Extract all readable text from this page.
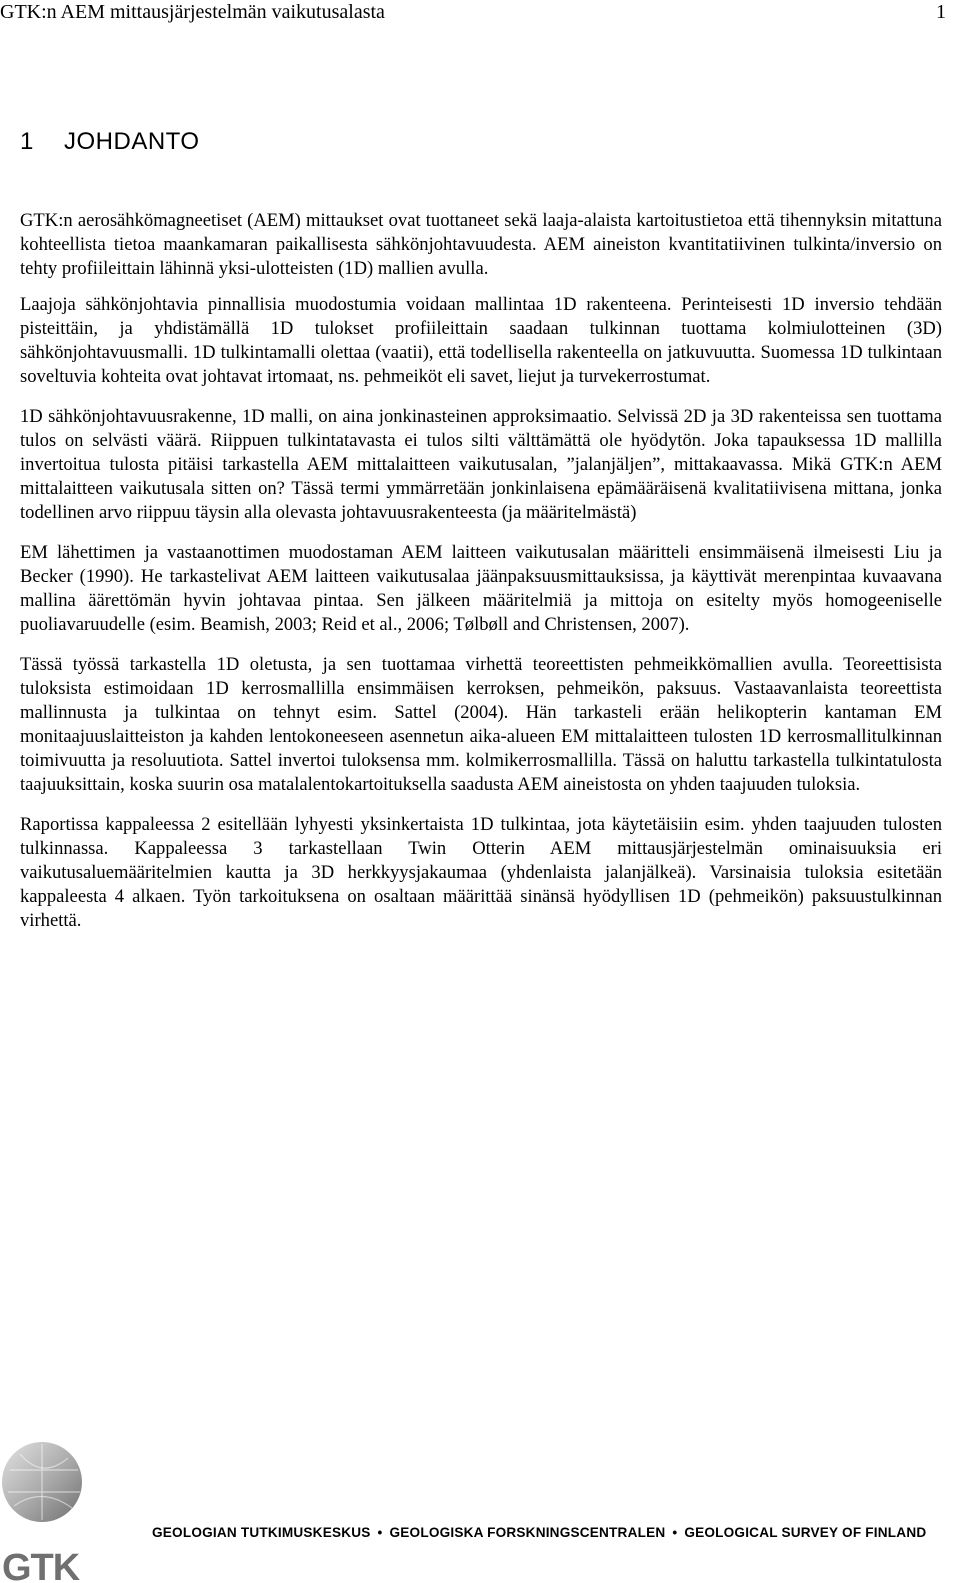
GTK:n AEM mittausjärjestelmän vaikutusalasta	1
1 JOHDANTO

GTK:n aerosähkömagneetiset (AEM) mittaukset ovat tuottaneet sekä laaja-alaista kartoitustietoa että tihennyksin mitattuna kohteellista tietoa maankamaran paikallisesta sähkönjohtavuudesta. AEM aineiston kvantitatiivinen tulkinta/inversio on tehty profiileittain lähinnä yksi-ulotteisten (1D) mallien avulla.

Laajoja sähkönjohtavia pinnallisia muodostumia voidaan mallintaa 1D rakenteena. Perinteisesti 1D inversio tehdään pisteittäin, ja yhdistämällä 1D tulokset profiileittain saadaan tulkinnan tuottama kolmiulotteinen (3D) sähkönjohtavuusmalli. 1D tulkintamalli olettaa (vaatii), että todellisella rakenteella on jatkuvuutta. Suomessa 1D tulkintaan soveltuvia kohteita ovat johtavat irtomaat, ns. pehmeiköt eli savet, liejut ja turvekerrostumat.

1D sähkönjohtavuusrakenne, 1D malli, on aina jonkinasteinen approksimaatio. Selvissä 2D ja 3D rakenteissa sen tuottama tulos on selvästi väärä. Riippuen tulkintatavasta ei tulos silti välttämättä ole hyödytön. Joka tapauksessa 1D mallilla invertoitua tulosta pitäisi tarkastella AEM mittalaitteen vaikutusalan, ”jalanjäljen”, mittakaavassa. Mikä GTK:n AEM mittalaitteen vaikutusala sitten on? Tässä termi ymmärretään jonkinlaisena epämääräisenä kvalitatiivisena mittana, jonka todellinen arvo riippuu täysin alla olevasta johtavuusrakenteesta (ja määritelmästä)

EM lähettimen ja vastaanottimen muodostaman AEM laitteen vaikutusalan määritteli ensimmäisenä ilmeisesti Liu ja Becker (1990). He tarkastelivat AEM laitteen vaikutusalaa jäänpaksuusmittauksissa, ja käyttivät merenpintaa kuvaavana mallina äärettömän hyvin johtavaa pintaa. Sen jälkeen määritelmiä ja mittoja on esitelty myös homogeeniselle puoliavaruudelle (esim. Beamish, 2003; Reid et al., 2006; Tølbøll and Christensen, 2007).

Tässä työssä tarkastella 1D oletusta, ja sen tuottamaa virhettä teoreettisten pehmeikkömallien avulla. Teoreettisista tuloksista estimoidaan 1D kerrosmallilla ensimmäisen kerroksen, pehmeikön, paksuus. Vastaavanlaista teoreettista mallinnusta ja tulkintaa on tehnyt esim. Sattel (2004). Hän tarkasteli erään helikopterin kantaman EM monitaajuuslaitteiston ja kahden lentokoneeseen asennetun aika-alueen EM mittalaitteen tulosten 1D kerrosmallitulkinnan toimivuutta ja resoluutiota. Sattel invertoi tuloksensa mm. kolmikerrosmallilla. Tässä on haluttu tarkastella tulkintatulosta taajuuksittain, koska suurin osa matalalentokartoituksella saadusta AEM aineistosta on yhden taajuuden tuloksia.

Raportissa kappaleessa 2 esitellään lyhyesti yksinkertaista 1D tulkintaa, jota käytetäisiin esim. yhden taajuuden tulosten tulkinnassa. Kappaleessa 3 tarkastellaan Twin Otterin AEM mittausjärjestelmän ominaisuuksia eri vaikutusaluemääritelmien kautta ja 3D herkkyysjakaumaa (yhdenlaista jalanjälkeä). Varsinaisia tuloksia esitetään kappaleesta 4 alkaen. Työn tarkoituksena on osaltaan määrittää sinänsä hyödyllisen 1D (pehmeikön) paksuustulkinnan virhettä.

GTK
GEOLOGIAN TUTKIMUSKESKUS • GEOLOGISKA FORSKNINGSCENTRALEN • GEOLOGICAL SURVEY OF FINLAND
